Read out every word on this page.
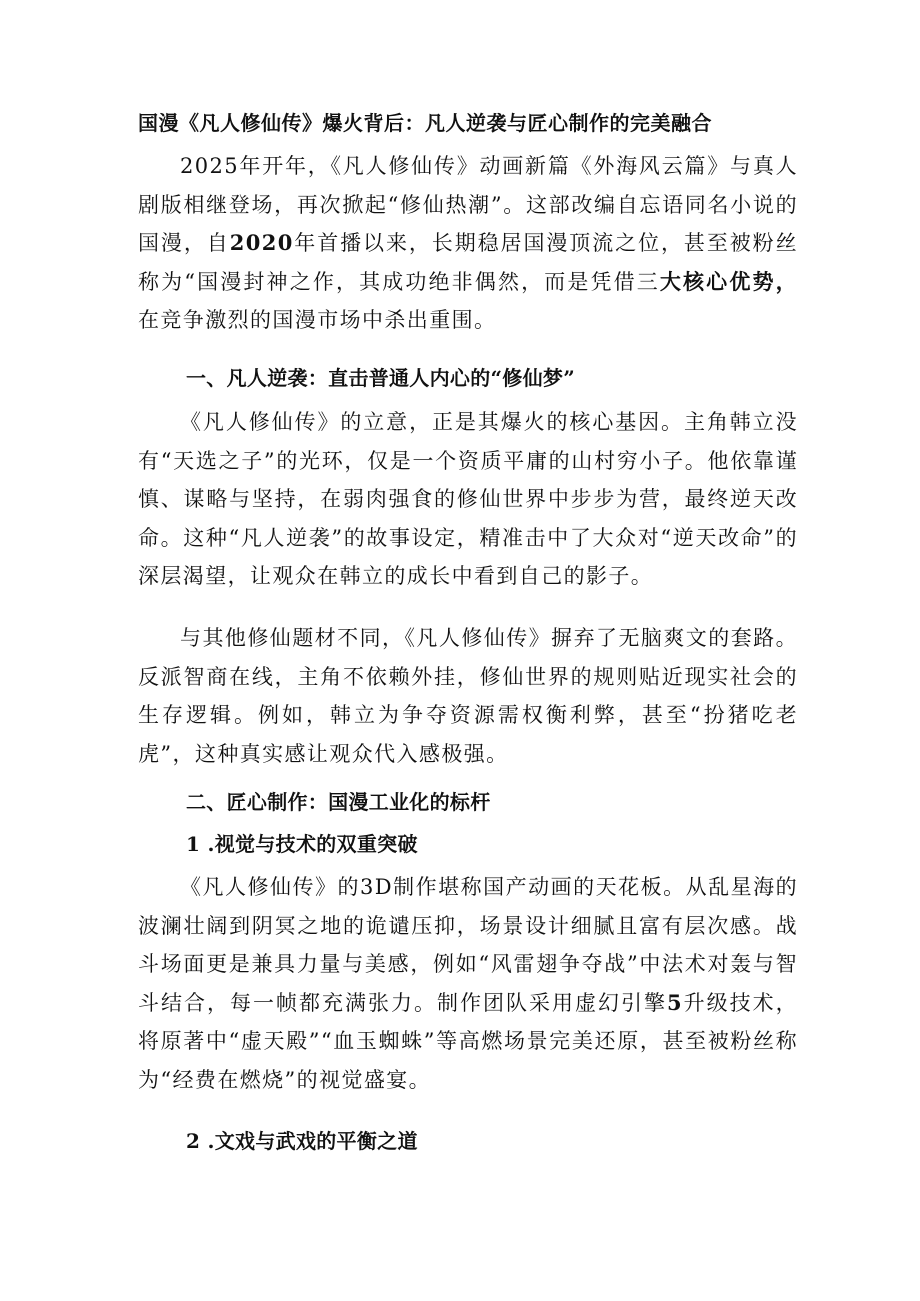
国漫《凡人修仙传》爆火背后：凡人逆袭与匠心制作的完美融合

2025年开年，《凡人修仙传》动画新篇《外海风云篇》与真人剧版相继登场，再次掀起“修仙热潮”。这部改编自忘语同名小说的国漫，自2020年首播以来，长期稳居国漫顶流之位，甚至被粉丝称为“国漫封神之作，其成功绝非偶然，而是凭借三大核心优势，在竞争激烈的国漫市场中杀出重围。

一、凡人逆袭：直击普通人内心的“修仙梦”

《凡人修仙传》的立意，正是其爆火的核心基因。主角韩立没有“天选之子”的光环，仅是一个资质平庸的山村穷小子。他依靠谨慎、谋略与坚持，在弱肉强食的修仙世界中步步为营，最终逆天改命。这种“凡人逆袭”的故事设定，精准击中了大众对“逆天改命”的深层渴望，让观众在韩立的成长中看到自己的影子。

与其他修仙题材不同，《凡人修仙传》摒弃了无脑爽文的套路。反派智商在线，主角不依赖外挂，修仙世界的规则贴近现实社会的生存逻辑。例如，韩立为争夺资源需权衡利弊，甚至“扮猪吃老虎”，这种真实感让观众代入感极强。

二、匠心制作：国漫工业化的标杆

1 .视觉与技术的双重突破

《凡人修仙传》的3D制作堪称国产动画的天花板。从乱星海的波澜壮阔到阴冥之地的诡谴压抑，场景设计细腻且富有层次感。战斗场面更是兼具力量与美感，例如“风雷翅争夺战”中法术对轰与智斗结合，每一帧都充满张力。制作团队采用虚幻引擎5升级技术，将原著中“虚天殿”“血玉蜘蛛”等高燃场景完美还原，甚至被粉丝称为“经费在燃烧”的视觉盛宴。

2 .文戏与武戏的平衡之道
